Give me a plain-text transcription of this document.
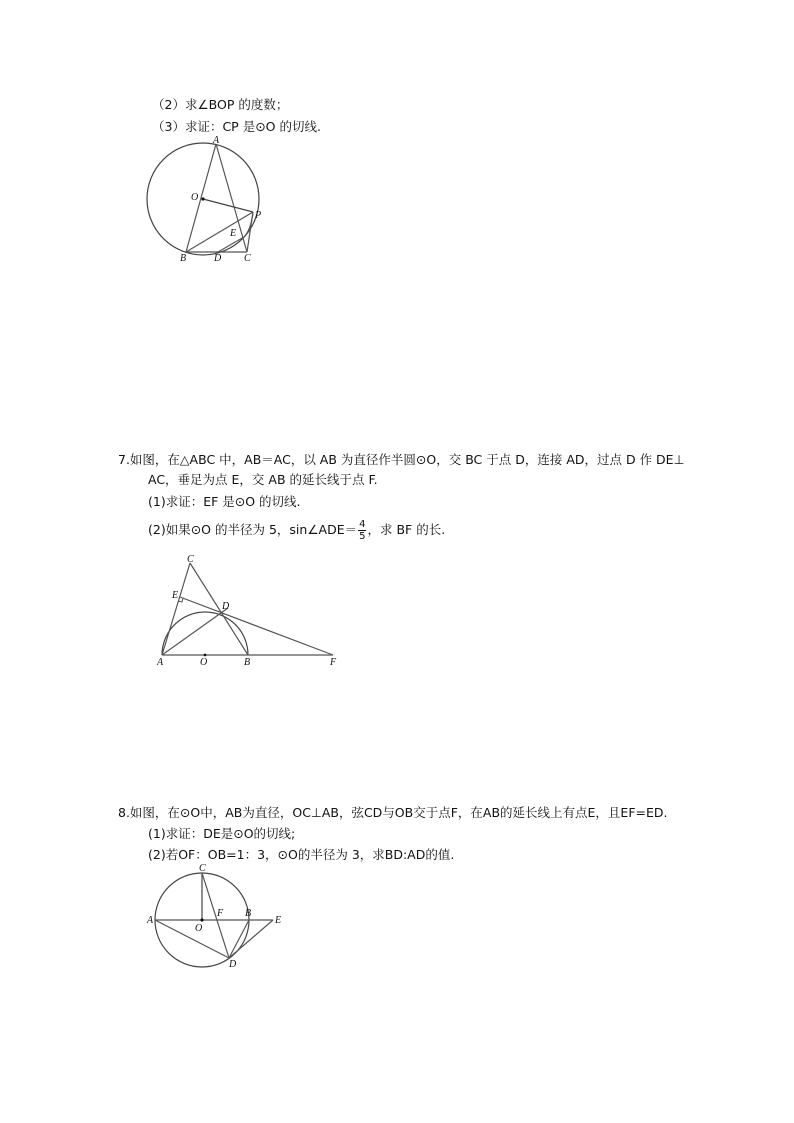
（2）求∠BOP 的度数；
（3）求证：CP 是⊙O 的切线.
A
O
P
E
B	D C
7.如图，在△ABC 中，AB＝AC，以 AB 为直径作半圆⊙O，交 BC 于点 D，连接 AD，过点 D 作 DE⊥
AC，垂足为点 E，交 AB 的延长线于点 F.
(1)求证：EF 是⊙O 的切线.
(2)如果⊙O 的半径为 5，sin∠ADE＝ $\frac{4}{5}$ ，求 BF 的长.
C
E
D
A	O	B	F
8.如图，在⊙O中，AB为直径，OC⊥AB，弦CD与OB交于点F，在AB的延长线上有点E，且EF=ED.
(1)求证：DE是⊙O的切线;
(2)若OF：OB=1：3，⊙O的半径为 3，求BD:AD的值.
C
A
O
F B
E
D
